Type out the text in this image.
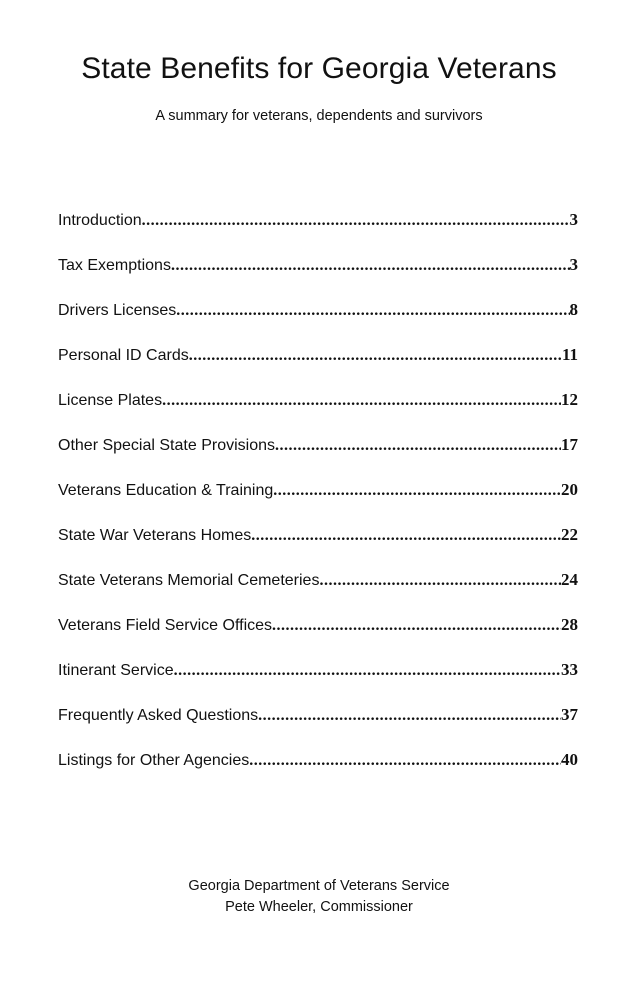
State Benefits for Georgia Veterans
A summary for veterans, dependents and survivors
Introduction .....	3
Tax Exemptions .....	3
Drivers Licenses .....	8
Personal ID Cards .....	11
License Plates .....	12
Other Special State Provisions .....	17
Veterans Education & Training .....	20
State War Veterans Homes .....	22
State Veterans Memorial Cemeteries .....	24
Veterans Field Service Offices .....	28
Itinerant Service .....	33
Frequently Asked Questions .....	37
Listings for Other Agencies .....	40
Georgia Department of Veterans Service
Pete Wheeler, Commissioner
